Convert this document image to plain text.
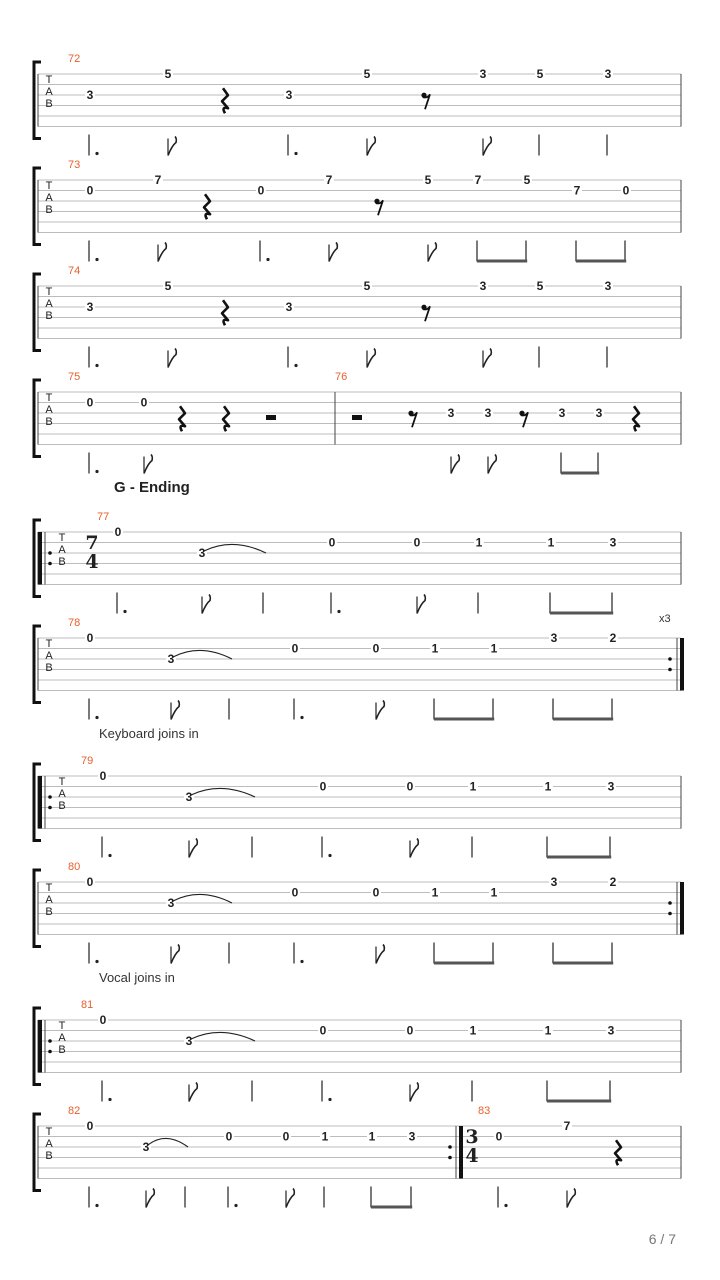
3
5
3
5	3	5	3
T
A
B
72
0
7
0
7	5	7	5
7	0
T
A
B
73
3
5
3
5	3	5	3
T
A
B
74
0	0
3	3	3	3
T
A
B
75	76
0
3
0	0	1	1	3
T
A
B
7
4
77
0
3
0	0	1	1
3	2
T
A
B
78
0
3
0	0	1	1	3
T
A
B
79
0
3
0	0	1	1
3	2
T
A
B
80
0
3
0	0	1	1	3
T
A
B
81
0
3
0	0	1	1	3	0
7
T
A
B
3
4
82	83
G - Ending
Keyboard joins in
Vocal joins in
x3
6 / 7
